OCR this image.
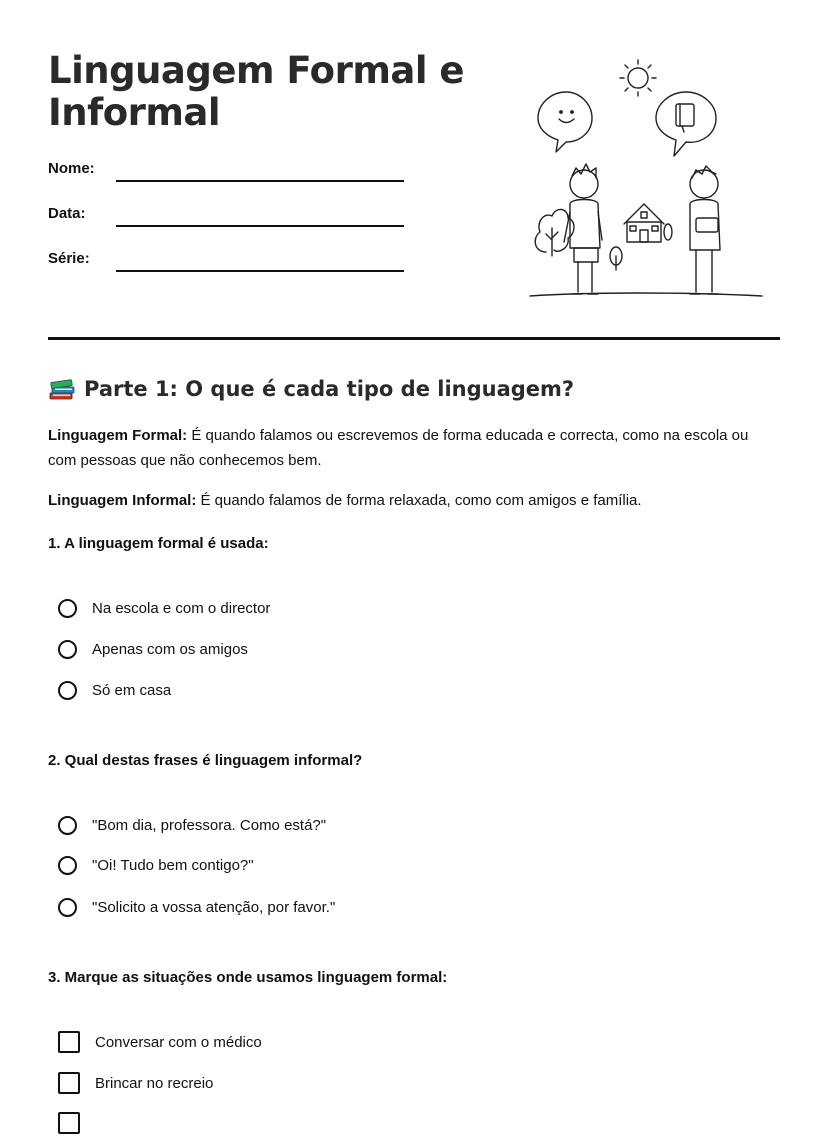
Linguagem Formal e Informal
Nome:
Data:
Série:
Parte 1: O que é cada tipo de linguagem?

Linguagem Formal: É quando falamos ou escrevemos de forma educada e correcta, como na escola ou com pessoas que não conhecemos bem.

Linguagem Informal: É quando falamos de forma relaxada, como com amigos e família.

1. A linguagem formal é usada:

Na escola e com o director
Apenas com os amigos
Só em casa

2. Qual destas frases é linguagem informal?

"Bom dia, professora. Como está?"
"Oi! Tudo bem contigo?"
"Solicito a vossa atenção, por favor."

3. Marque as situações onde usamos linguagem formal:

Conversar com o médico
Brincar no recreio
